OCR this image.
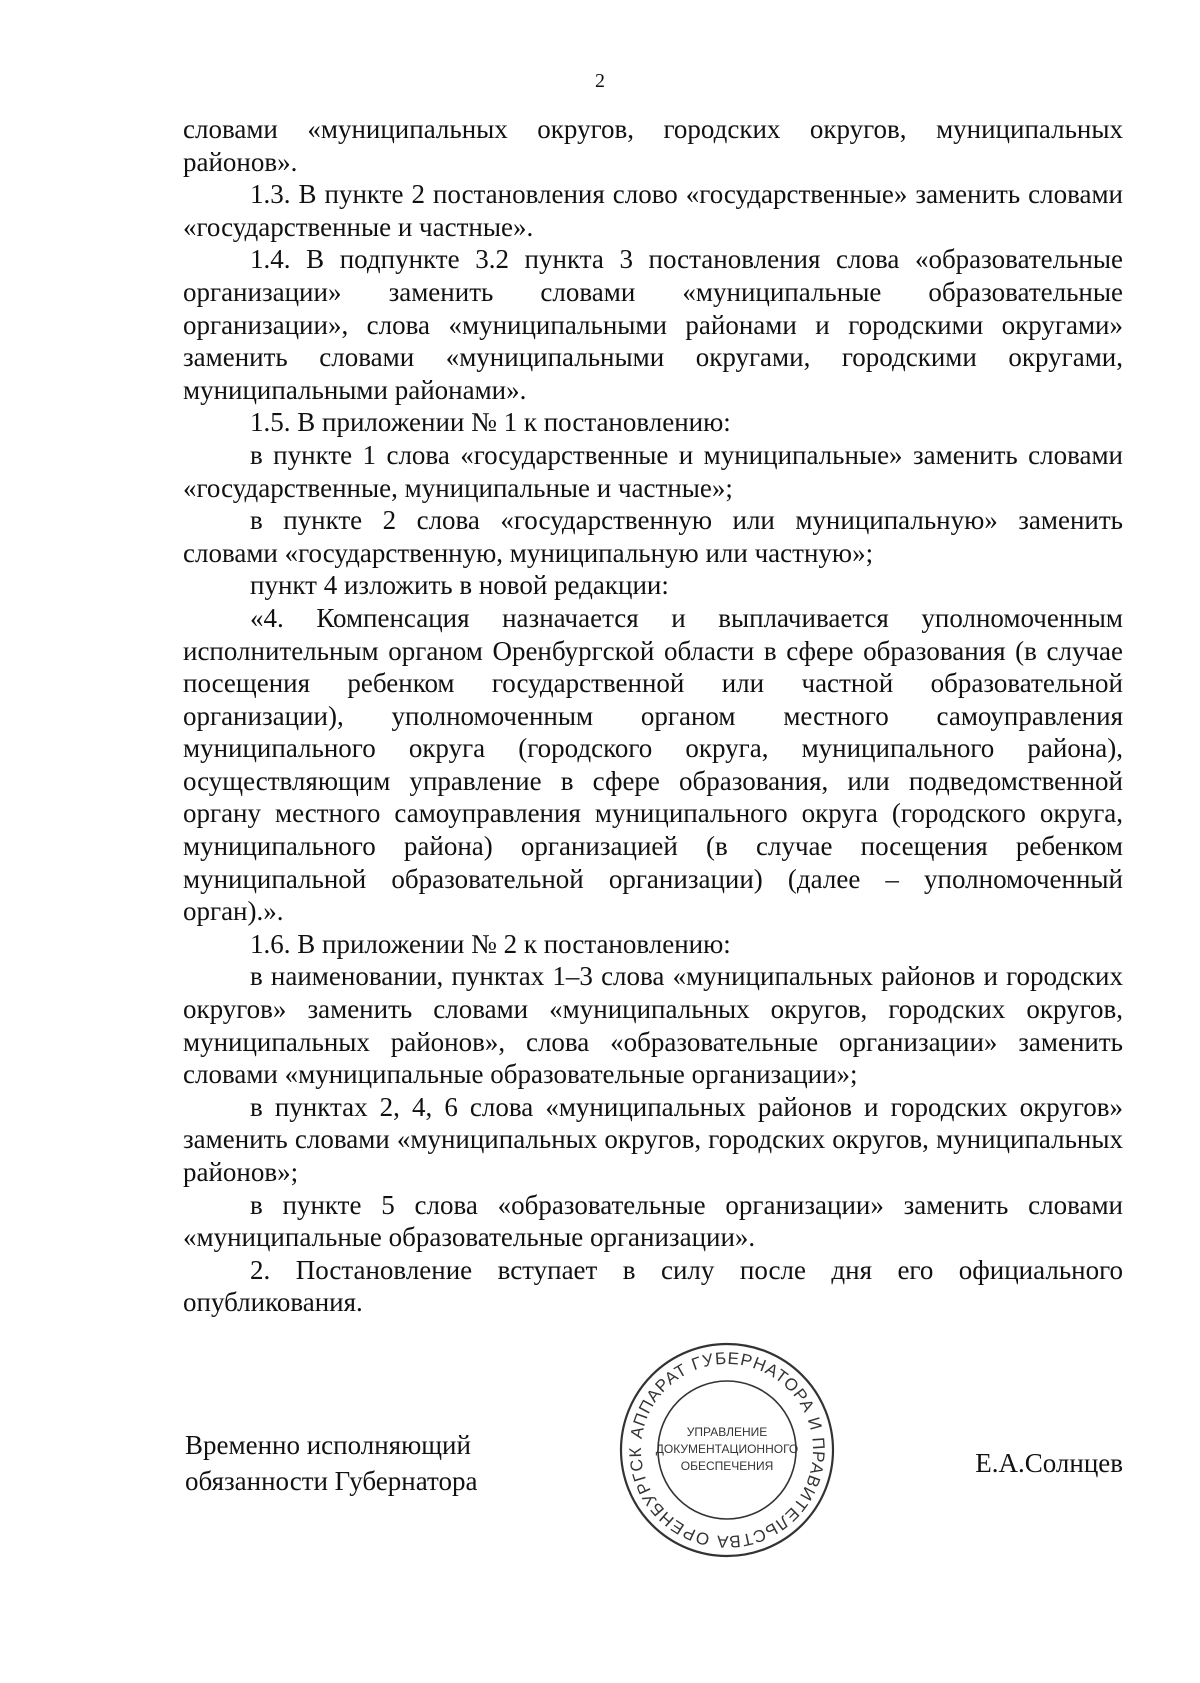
2

словами «муниципальных округов, городских округов, муниципальных районов».

1.3. В пункте 2 постановления слово «государственные» заменить словами «государственные и частные».

1.4. В подпункте 3.2 пункта 3 постановления слова «образовательные организации» заменить словами «муниципальные образовательные организации», слова «муниципальными районами и городскими округами» заменить словами «муниципальными округами, городскими округами, муниципальными районами».

1.5. В приложении № 1 к постановлению:

в пункте 1 слова «государственные и муниципальные» заменить словами «государственные, муниципальные и частные»;

в пункте 2 слова «государственную или муниципальную» заменить словами «государственную, муниципальную или частную»;

пункт 4 изложить в новой редакции:

«4. Компенсация назначается и выплачивается уполномоченным исполнительным органом Оренбургской области в сфере образования (в случае посещения ребенком государственной или частной образовательной организации), уполномоченным органом местного самоуправления муниципального округа (городского округа, муниципального района), осуществляющим управление в сфере образования, или подведомственной органу местного самоуправления муниципального округа (городского округа, муниципального района) организацией (в случае посещения ребенком муниципальной образовательной организации) (далее – уполномоченный орган).».

1.6. В приложении № 2 к постановлению:

в наименовании, пунктах 1–3 слова «муниципальных районов и городских округов» заменить словами «муниципальных округов, городских округов, муниципальных районов», слова «образовательные организации» заменить словами «муниципальные образовательные организации»;

в пунктах 2, 4, 6 слова «муниципальных районов и городских округов» заменить словами «муниципальных округов, городских округов, муниципальных районов»;

в пункте 5 слова «образовательные организации» заменить словами «муниципальные образовательные организации».

2. Постановление вступает в силу после дня его официального опубликования.

Временно исполняющий
обязанности Губернатора
АППАРАТ ГУБЕРНАТОРА И ПРАВИТЕЛЬСТВА ОРЕНБУРГСК
УПРАВЛЕНИЕ
ДОКУМЕНТАЦИОННОГО
ОБЕСПЕЧЕНИЯ	Е.А.Солнцев
